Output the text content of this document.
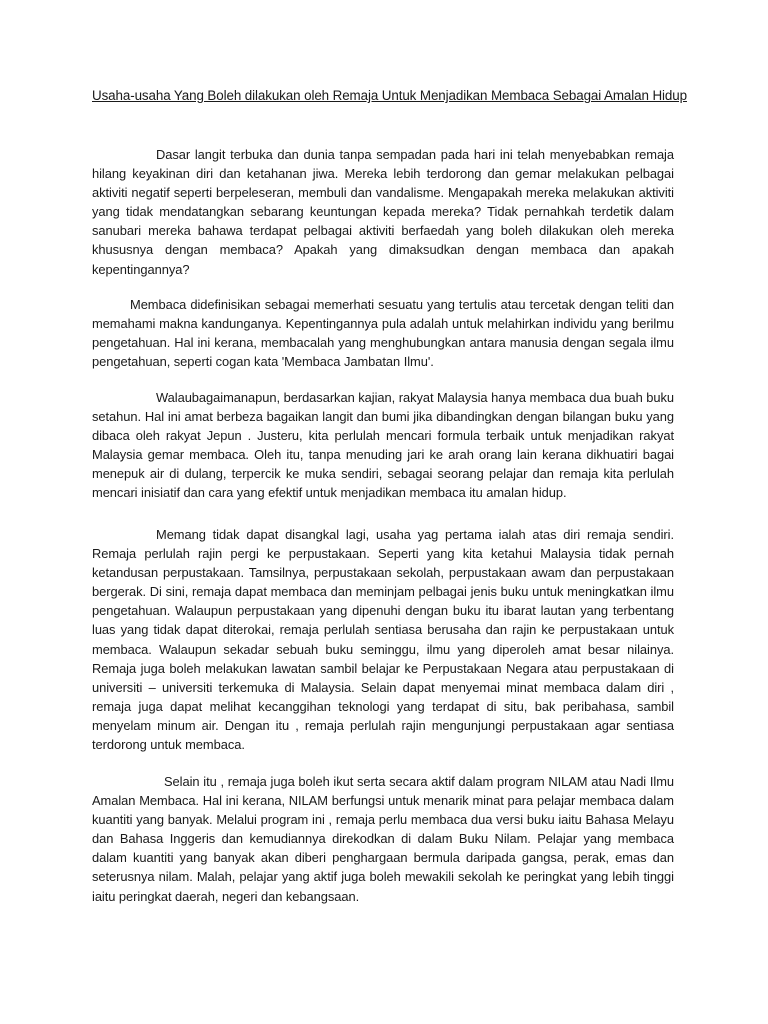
Usaha-usaha Yang Boleh dilakukan oleh Remaja Untuk Menjadikan Membaca Sebagai Amalan Hidup

Dasar langit terbuka dan dunia tanpa sempadan pada hari ini telah menyebabkan remaja hilang keyakinan diri dan ketahanan jiwa. Mereka lebih terdorong dan gemar melakukan pelbagai aktiviti negatif seperti berpeleseran, membuli dan vandalisme. Mengapakah mereka melakukan aktiviti yang tidak mendatangkan sebarang keuntungan kepada mereka? Tidak pernahkah terdetik dalam sanubari mereka bahawa terdapat pelbagai aktiviti berfaedah yang boleh dilakukan oleh mereka khususnya dengan membaca? Apakah yang dimaksudkan dengan membaca dan apakah kepentingannya?

Membaca didefinisikan sebagai memerhati sesuatu yang tertulis atau tercetak dengan teliti dan memahami makna kandunganya. Kepentingannya pula adalah untuk melahirkan individu yang berilmu pengetahuan. Hal ini kerana, membacalah yang menghubungkan antara manusia dengan segala ilmu pengetahuan, seperti cogan kata 'Membaca Jambatan Ilmu'.

Walaubagaimanapun, berdasarkan kajian, rakyat Malaysia hanya membaca dua buah buku setahun. Hal ini amat berbeza bagaikan langit dan bumi jika dibandingkan dengan bilangan buku yang dibaca oleh rakyat Jepun . Justeru, kita perlulah mencari formula terbaik untuk menjadikan rakyat Malaysia gemar membaca. Oleh itu, tanpa menuding jari ke arah orang lain kerana dikhuatiri bagai menepuk air di dulang, terpercik ke muka sendiri, sebagai seorang pelajar dan remaja kita perlulah mencari inisiatif dan cara yang efektif untuk menjadikan membaca itu amalan hidup.

Memang tidak dapat disangkal lagi, usaha yag pertama ialah atas diri remaja sendiri. Remaja perlulah rajin pergi ke perpustakaan. Seperti yang kita ketahui Malaysia tidak pernah ketandusan perpustakaan. Tamsilnya, perpustakaan sekolah, perpustakaan awam dan perpustakaan bergerak. Di sini, remaja dapat membaca dan meminjam pelbagai jenis buku untuk meningkatkan ilmu pengetahuan. Walaupun perpustakaan yang dipenuhi dengan buku itu ibarat lautan yang terbentang luas yang tidak dapat diterokai, remaja perlulah sentiasa berusaha dan rajin ke perpustakaan untuk membaca. Walaupun sekadar sebuah buku seminggu, ilmu yang diperoleh amat besar nilainya. Remaja juga boleh melakukan lawatan sambil belajar ke Perpustakaan Negara atau perpustakaan di universiti – universiti terkemuka di Malaysia. Selain dapat menyemai minat membaca dalam diri , remaja juga dapat melihat kecanggihan teknologi yang terdapat di situ, bak peribahasa, sambil menyelam minum air. Dengan itu , remaja perlulah rajin mengunjungi perpustakaan agar sentiasa terdorong untuk membaca.

Selain itu , remaja juga boleh ikut serta secara aktif dalam program NILAM atau Nadi Ilmu Amalan Membaca. Hal ini kerana, NILAM berfungsi untuk menarik minat para pelajar membaca dalam kuantiti yang banyak. Melalui program ini , remaja perlu membaca dua versi buku iaitu Bahasa Melayu dan Bahasa Inggeris dan kemudiannya direkodkan di dalam Buku Nilam. Pelajar yang membaca dalam kuantiti yang banyak akan diberi penghargaan bermula daripada gangsa, perak, emas dan seterusnya nilam. Malah, pelajar yang aktif juga boleh mewakili sekolah ke peringkat yang lebih tinggi iaitu peringkat daerah, negeri dan kebangsaan.
